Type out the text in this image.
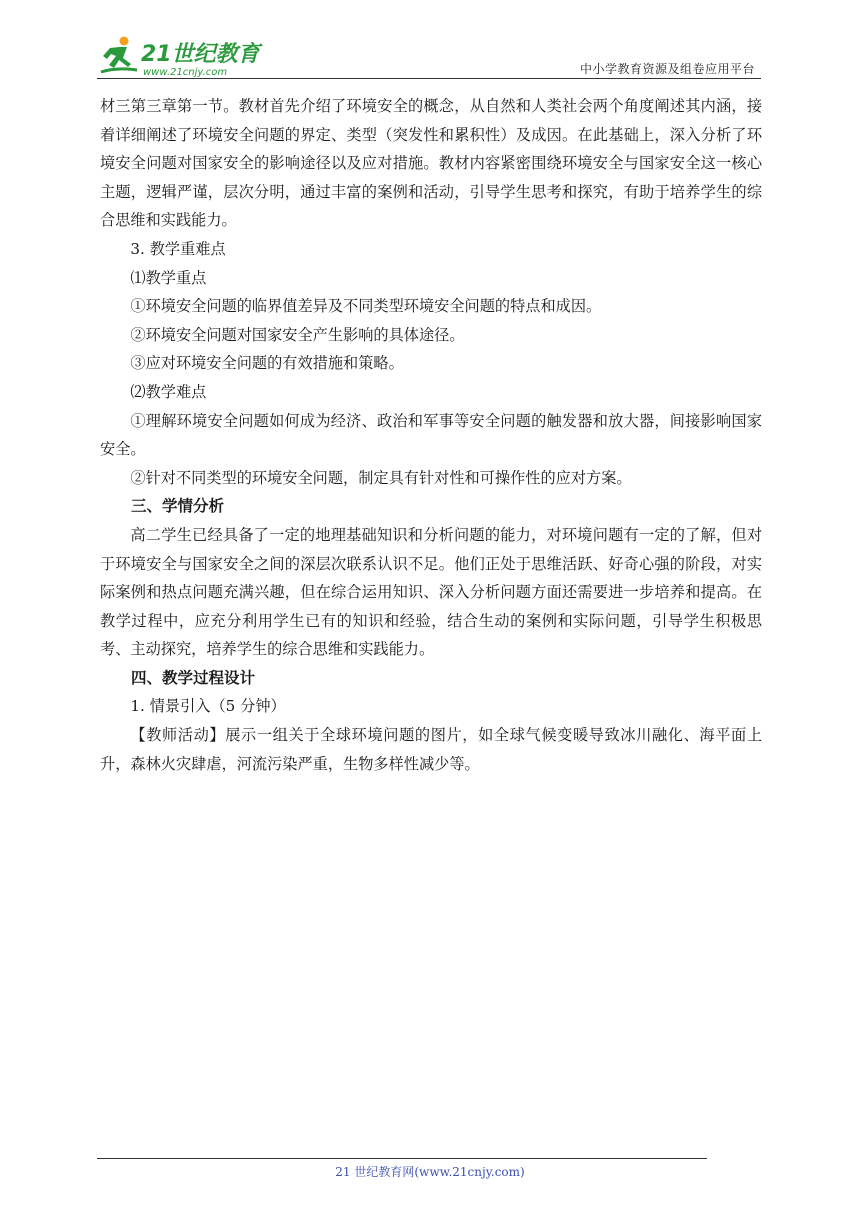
21世纪教育
www.21cnjy.com	中小学教育资源及组卷应用平台

材三第三章第一节。教材首先介绍了环境安全的概念，从自然和人类社会两个角度阐述其内涵，接着详细阐述了环境安全问题的界定、类型（突发性和累积性）及成因。在此基础上，深入分析了环境安全问题对国家安全的影响途径以及应对措施。教材内容紧密围绕环境安全与国家安全这一核心主题，逻辑严谨，层次分明，通过丰富的案例和活动，引导学生思考和探究，有助于培养学生的综合思维和实践能力。

3. 教学重难点

⑴教学重点

①环境安全问题的临界值差异及不同类型环境安全问题的特点和成因。

②环境安全问题对国家安全产生影响的具体途径。

③应对环境安全问题的有效措施和策略。

⑵教学难点

①理解环境安全问题如何成为经济、政治和军事等安全问题的触发器和放大器，间接影响国家安全。

②针对不同类型的环境安全问题，制定具有针对性和可操作性的应对方案。

三、学情分析

高二学生已经具备了一定的地理基础知识和分析问题的能力，对环境问题有一定的了解，但对于环境安全与国家安全之间的深层次联系认识不足。他们正处于思维活跃、好奇心强的阶段，对实际案例和热点问题充满兴趣，但在综合运用知识、深入分析问题方面还需要进一步培养和提高。在教学过程中，应充分利用学生已有的知识和经验，结合生动的案例和实际问题，引导学生积极思考、主动探究，培养学生的综合思维和实践能力。

四、教学过程设计

1. 情景引入（5 分钟）

【教师活动】展示一组关于全球环境问题的图片，如全球气候变暖导致冰川融化、海平面上升，森林火灾肆虐，河流污染严重，生物多样性减少等。

21 世纪教育网(www.21cnjy.com)
